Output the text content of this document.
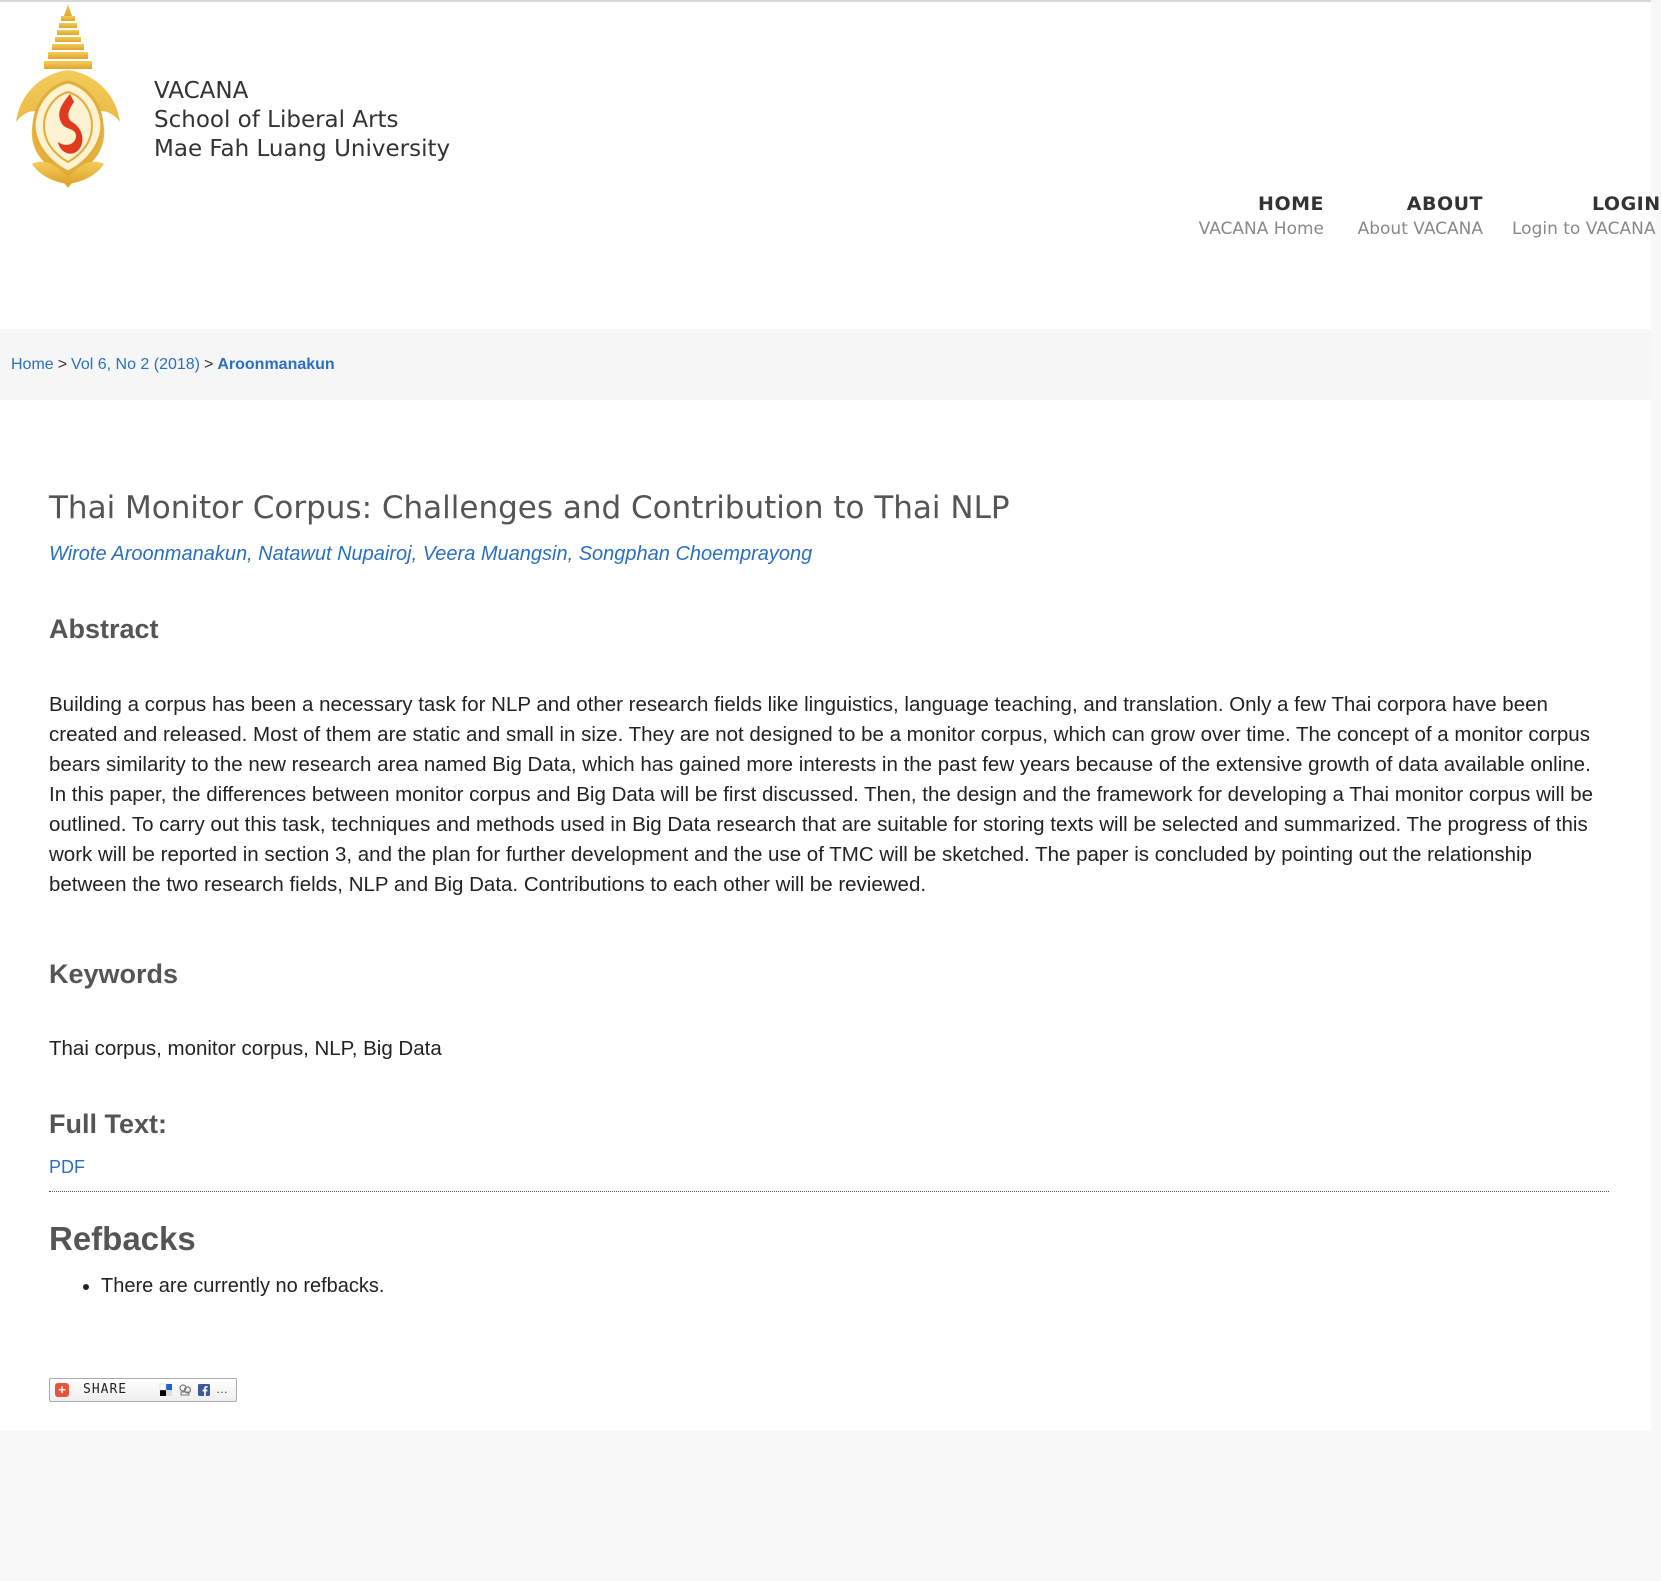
VACANA
School of Liberal Arts
Mae Fah Luang University
HOME
VACANA Home
ABOUT
About VACANA
LOGIN
Login to VACANA
Home > Vol 6, No 2 (2018) > Aroonmanakun
Thai Monitor Corpus: Challenges and Contribution to Thai NLP
Wirote Aroonmanakun, Natawut Nupairoj, Veera Muangsin, Songphan Choemprayong
Abstract
Building a corpus has been a necessary task for NLP and other research fields like linguistics, language teaching, and translation. Only a few Thai corpora have been created and released. Most of them are static and small in size. They are not designed to be a monitor corpus, which can grow over time. The concept of a monitor corpus bears similarity to the new research area named Big Data, which has gained more interests in the past few years because of the extensive growth of data available online. In this paper, the differences between monitor corpus and Big Data will be first discussed. Then, the design and the framework for developing a Thai monitor corpus will be outlined. To carry out this task, techniques and methods used in Big Data research that are suitable for storing texts will be selected and summarized. The progress of this work will be reported in section 3, and the plan for further development and the use of TMC will be sketched. The paper is concluded by pointing out the relationship between the two research fields, NLP and Big Data. Contributions to each other will be reviewed.
Keywords
Thai corpus, monitor corpus, NLP, Big Data
Full Text:
PDF
Refbacks
• There are currently no refbacks.
+ SHARE	…
